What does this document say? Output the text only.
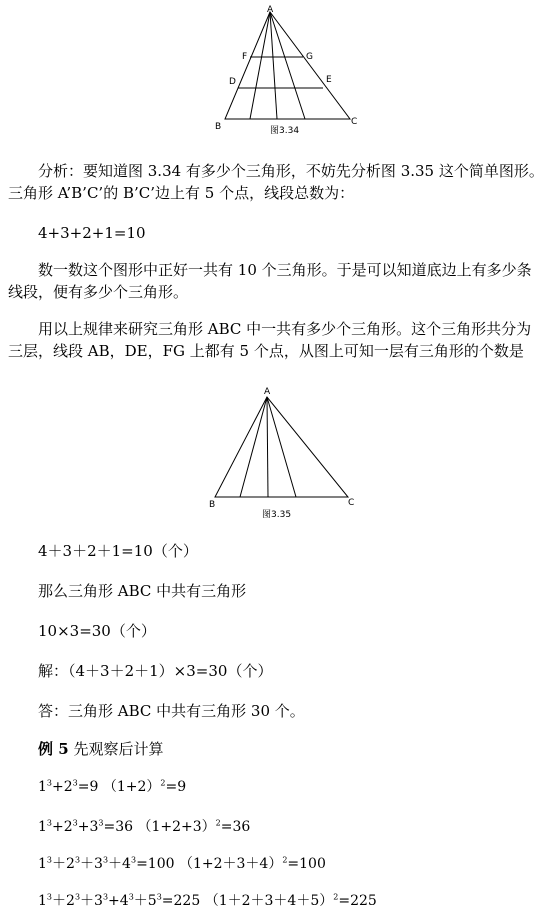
A
F	G
D	E
B	C
图3.34
分析：要知道图 3.34 有多少个三角形，不妨先分析图 3.35 这个简单图形。
三角形 A’B’C’的 B’C’边上有 5 个点，线段总数为：
4+3+2+1=10
数一数这个图形中正好一共有 10 个三角形。于是可以知道底边上有多少条
线段，便有多少个三角形。
用以上规律来研究三角形 ABC 中一共有多少个三角形。这个三角形共分为
三层，线段 AB，DE，FG 上都有 5 个点，从图上可知一层有三角形的个数是
A
B	C
图3.35
4＋3＋2＋1=10（个）
那么三角形 ABC 中共有三角形
10×3=30（个）
解：（4＋3＋2＋1）×3=30（个）
答：三角形 ABC 中共有三角形 30 个。
例 5 先观察后计算
$1^3+2^3=9$ $(1+2)^2=9$
$1^3+2^3+3^3=36$ $(1+2+3)^2=36$
$1^3+2^3+3^3+4^3=100$ $(1+2+3+4)^2=100$
$1^3+2^3+3^3+4^3+5^3=225$ $(1+2+3+4+5)^2=225$
